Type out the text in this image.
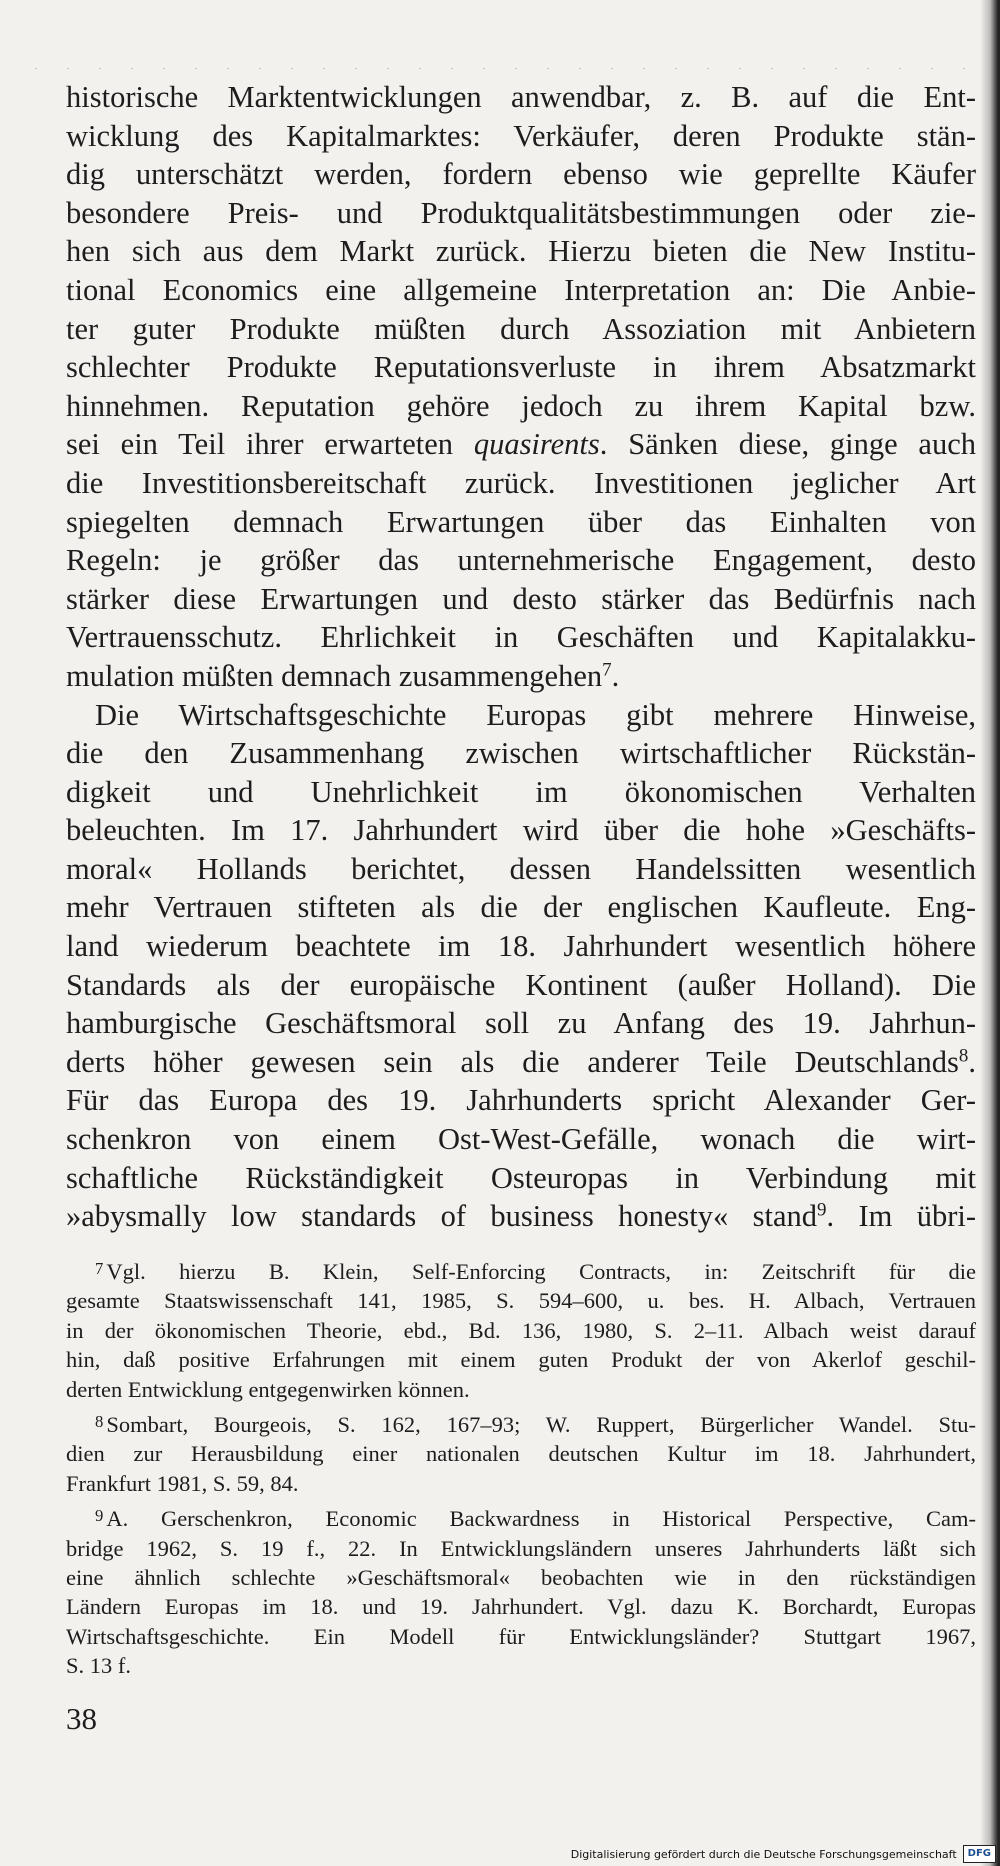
historische Marktentwicklungen anwendbar, z. B. auf die Ent-
wicklung des Kapitalmarktes: Verkäufer, deren Produkte stän-
dig unterschätzt werden, fordern ebenso wie geprellte Käufer
besondere Preis- und Produktqualitätsbestimmungen oder zie-
hen sich aus dem Markt zurück. Hierzu bieten die New Institu-
tional Economics eine allgemeine Interpretation an: Die Anbie-
ter guter Produkte müßten durch Assoziation mit Anbietern
schlechter Produkte Reputationsverluste in ihrem Absatzmarkt
hinnehmen. Reputation gehöre jedoch zu ihrem Kapital bzw.
sei ein Teil ihrer erwarteten quasirents. Sänken diese, ginge auch
die Investitionsbereitschaft zurück. Investitionen jeglicher Art
spiegelten demnach Erwartungen über das Einhalten von
Regeln: je größer das unternehmerische Engagement, desto
stärker diese Erwartungen und desto stärker das Bedürfnis nach
Vertrauensschutz. Ehrlichkeit in Geschäften und Kapitalakku-
mulation müßten demnach zusammengehen$^7$.
Die Wirtschaftsgeschichte Europas gibt mehrere Hinweise,
die den Zusammenhang zwischen wirtschaftlicher Rückstän-
digkeit und Unehrlichkeit im ökonomischen Verhalten
beleuchten. Im 17. Jahrhundert wird über die hohe »Geschäfts-
moral« Hollands berichtet, dessen Handelssitten wesentlich
mehr Vertrauen stifteten als die der englischen Kaufleute. Eng-
land wiederum beachtete im 18. Jahrhundert wesentlich höhere
Standards als der europäische Kontinent (außer Holland). Die
hamburgische Geschäftsmoral soll zu Anfang des 19. Jahrhun-
derts höher gewesen sein als die anderer Teile Deutschlands$^8$.
Für das Europa des 19. Jahrhunderts spricht Alexander Ger-
schenkron von einem Ost-West-Gefälle, wonach die wirt-
schaftliche Rückständigkeit Osteuropas in Verbindung mit
»abysmally low standards of business honesty« stand$^9$. Im übri-
$^7$ Vgl. hierzu B. Klein, Self-Enforcing Contracts, in: Zeitschrift für die
gesamte Staatswissenschaft 141, 1985, S. 594–600, u. bes. H. Albach, Vertrauen
in der ökonomischen Theorie, ebd., Bd. 136, 1980, S. 2–11. Albach weist darauf
hin, daß positive Erfahrungen mit einem guten Produkt der von Akerlof geschil-
derten Entwicklung entgegenwirken können.
$^8$ Sombart, Bourgeois, S. 162, 167–93; W. Ruppert, Bürgerlicher Wandel. Stu-
dien zur Herausbildung einer nationalen deutschen Kultur im 18. Jahrhundert,
Frankfurt 1981, S. 59, 84.
$^9$ A. Gerschenkron, Economic Backwardness in Historical Perspective, Cam-
bridge 1962, S. 19 f., 22. In Entwicklungsländern unseres Jahrhunderts läßt sich
eine ähnlich schlechte »Geschäftsmoral« beobachten wie in den rückständigen
Ländern Europas im 18. und 19. Jahrhundert. Vgl. dazu K. Borchardt, Europas
Wirtschaftsgeschichte. Ein Modell für Entwicklungsländer? Stuttgart 1967,
S. 13 f.
38
Digitalisierung gefördert durch die Deutsche Forschungsgemeinschaft	DFG
